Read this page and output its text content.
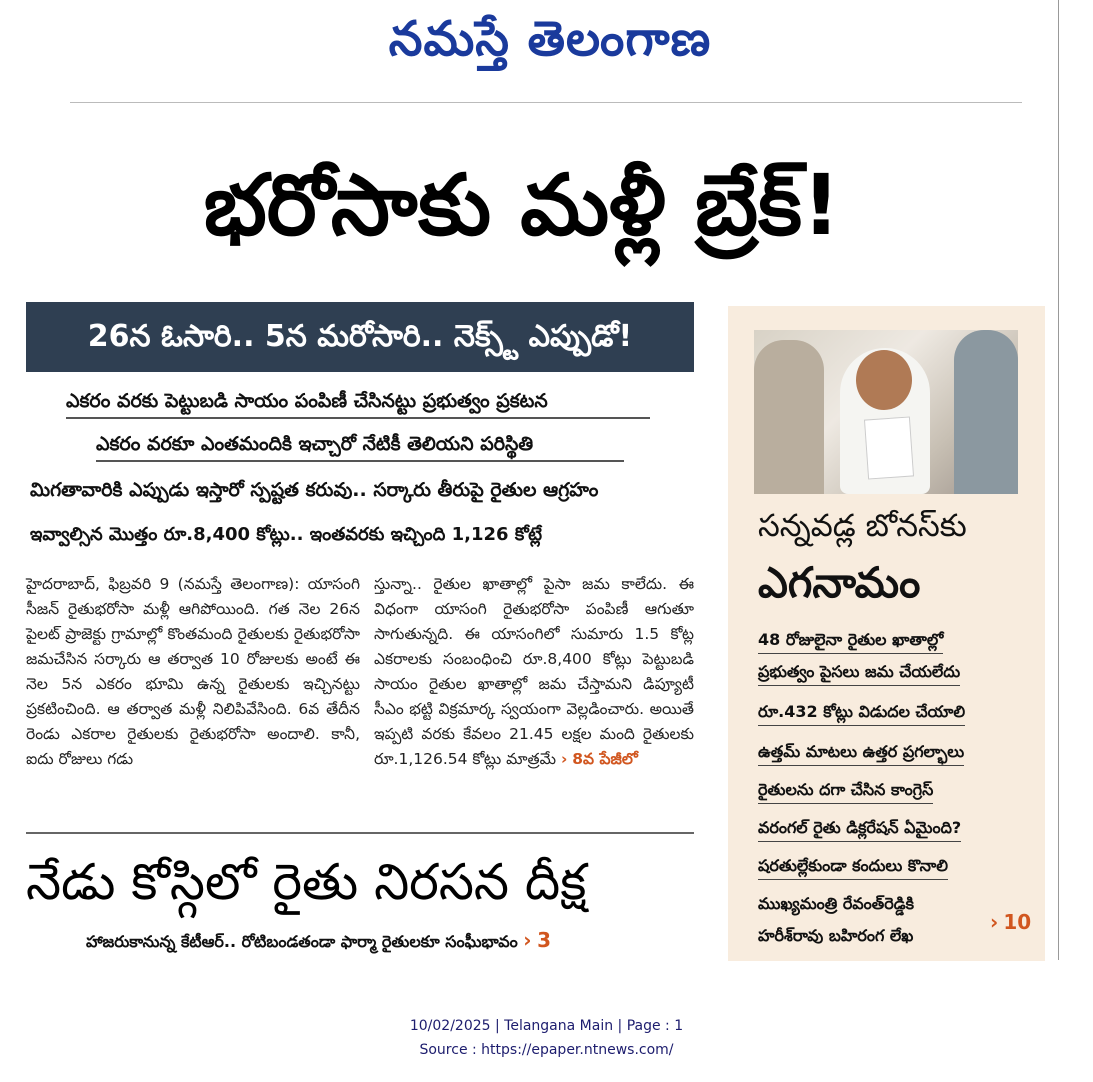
నమస్తే తెలంగాణ
భరోసాకు మళ్లీ బ్రేక్!
26న ఓసారి.. 5న మరోసారి.. నెక్స్ట్ ఎప్పుడో!
ఎకరం వరకు పెట్టుబడి సాయం పంపిణీ చేసినట్టు ప్రభుత్వం ప్రకటన
ఎకరం వరకూ ఎంతమందికి ఇచ్చారో నేటికీ తెలియని పరిస్థితి
మిగతావారికి ఎప్పుడు ఇస్తారో స్పష్టత కరువు.. సర్కారు తీరుపై రైతుల ఆగ్రహం
ఇవ్వాల్సిన మొత్తం రూ.8,400 కోట్లు.. ఇంతవరకు ఇచ్చింది 1,126 కోట్లే
హైదరాబాద్, ఫిబ్రవరి 9 (నమస్తే తెలంగాణ): యాసంగి సీజన్ రైతుభరోసా మళ్లీ ఆగిపోయింది. గత నెల 26న పైలట్ ప్రాజెక్టు గ్రామాల్లో కొంతమంది రైతులకు రైతుభరోసా జమచేసిన సర్కారు ఆ తర్వాత 10 రోజులకు అంటే ఈ నెల 5న ఎకరం భూమి ఉన్న రైతులకు ఇచ్చినట్టు ప్రకటించింది. ఆ తర్వాత మళ్లీ నిలిపివేసింది. 6వ తేదీన రెండు ఎకరాల రైతులకు రైతుభరోసా అందాలి. కానీ, ఐదు రోజులు గడు
స్తున్నా.. రైతుల ఖాతాల్లో పైసా జమ కాలేదు. ఈ విధంగా యాసంగి రైతుభరోసా పంపిణీ ఆగుతూ సాగుతున్నది. ఈ యాసంగిలో సుమారు 1.5 కోట్ల ఎకరాలకు సంబంధించి రూ.8,400 కోట్లు పెట్టుబడి సాయం రైతుల ఖాతాల్లో జమ చేస్తామని డిప్యూటీ సీఎం భట్టి విక్రమార్క స్వయంగా వెల్లడించారు. అయితే ఇప్పటి వరకు కేవలం 21.45 లక్షల మంది రైతులకు రూ.1,126.54 కోట్లు మాత్రమే › 8వ పేజీలో
నేడు కోస్గిలో రైతు నిరసన దీక్ష
హాజరుకానున్న కేటీఆర్.. రోటిబండతండా ఫార్మా రైతులకూ సంఘీభావం › 3
సన్నవడ్ల బోనస్‌కు
ఎగనామం
48 రోజులైనా రైతుల ఖాతాల్లో
ప్రభుత్వం పైసలు జమ చేయలేదు
రూ.432 కోట్లు విడుదల చేయాలి
ఉత్తమ్ మాటలు ఉత్తర ప్రగల్భాలు
రైతులను దగా చేసిన కాంగ్రెస్
వరంగల్ రైతు డిక్లరేషన్ ఏమైంది?
షరతుల్లేకుండా కందులు కొనాలి
ముఖ్యమంత్రి రేవంత్‌రెడ్డికి
హరీశ్‌రావు బహిరంగ లేఖ
› 10
10/02/2025 | Telangana Main | Page : 1
Source : https://epaper.ntnews.com/
